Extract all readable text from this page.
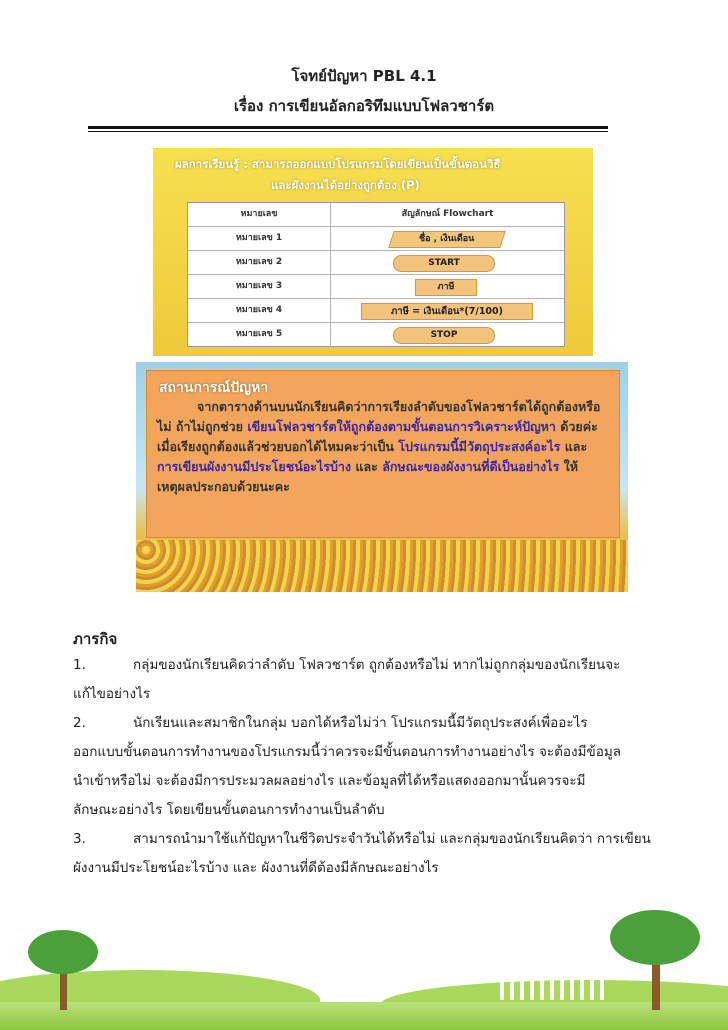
โจทย์ปัญหา PBL 4.1
เรื่อง การเขียนอัลกอริทึมแบบโฟลวชาร์ต
ผลการเรียนรู้ : สามารถออกแบบโปรแกรมโดยเขียนเป็นขั้นตอนวิธี
และผังงานได้อย่างถูกต้อง (P)
หมายเลข	สัญลักษณ์ Flowchart
หมายเลข 1	ชื่อ , เงินเดือน
หมายเลข 2	START
หมายเลข 3	ภาษี
หมายเลข 4	ภาษี = เงินเดือน*(7/100)
หมายเลข 5	STOP
สถานการณ์ปัญหา
จากตารางด้านบนนักเรียนคิดว่าการเรียงลำดับของโฟลวชาร์ตได้ถูกต้องหรือไม่ ถ้าไม่ถูกช่วย เขียนโฟลวชาร์ตให้ถูกต้องตามขั้นตอนการวิเคราะห์ปัญหา ด้วยค่ะ เมื่อเรียงถูกต้องแล้วช่วยบอกได้ไหมคะว่าเป็น โปรแกรมนี้มีวัตถุประสงค์อะไร และ การเขียนผังงานมีประโยชน์อะไรบ้าง และ ลักษณะของผังงานที่ดีเป็นอย่างไร ให้เหตุผลประกอบด้วยนะคะ
ภารกิจ
1.	กลุ่มของนักเรียนคิดว่าลำดับ โฟลวชาร์ต ถูกต้องหรือไม่ หากไม่ถูกกลุ่มของนักเรียนจะ
แก้ไขอย่างไร
2.	นักเรียนและสมาชิกในกลุ่ม บอกได้หรือไม่ว่า โปรแกรมนี้มีวัตถุประสงค์เพื่ออะไร
ออกแบบขั้นตอนการทำงานของโปรแกรมนี้ว่าควรจะมีขั้นตอนการทำงานอย่างไร จะต้องมีข้อมูล
นำเข้าหรือไม่ จะต้องมีการประมวลผลอย่างไร และข้อมูลที่ได้หรือแสดงออกมานั้นควรจะมี
ลักษณะอย่างไร โดยเขียนขั้นตอนการทำงานเป็นลำดับ
3.	สามารถนำมาใช้แก้ปัญหาในชีวิตประจำวันได้หรือไม่ และกลุ่มของนักเรียนคิดว่า การเขียน
ผังงานมีประโยชน์อะไรบ้าง และ ผังงานที่ดีต้องมีลักษณะอย่างไร
